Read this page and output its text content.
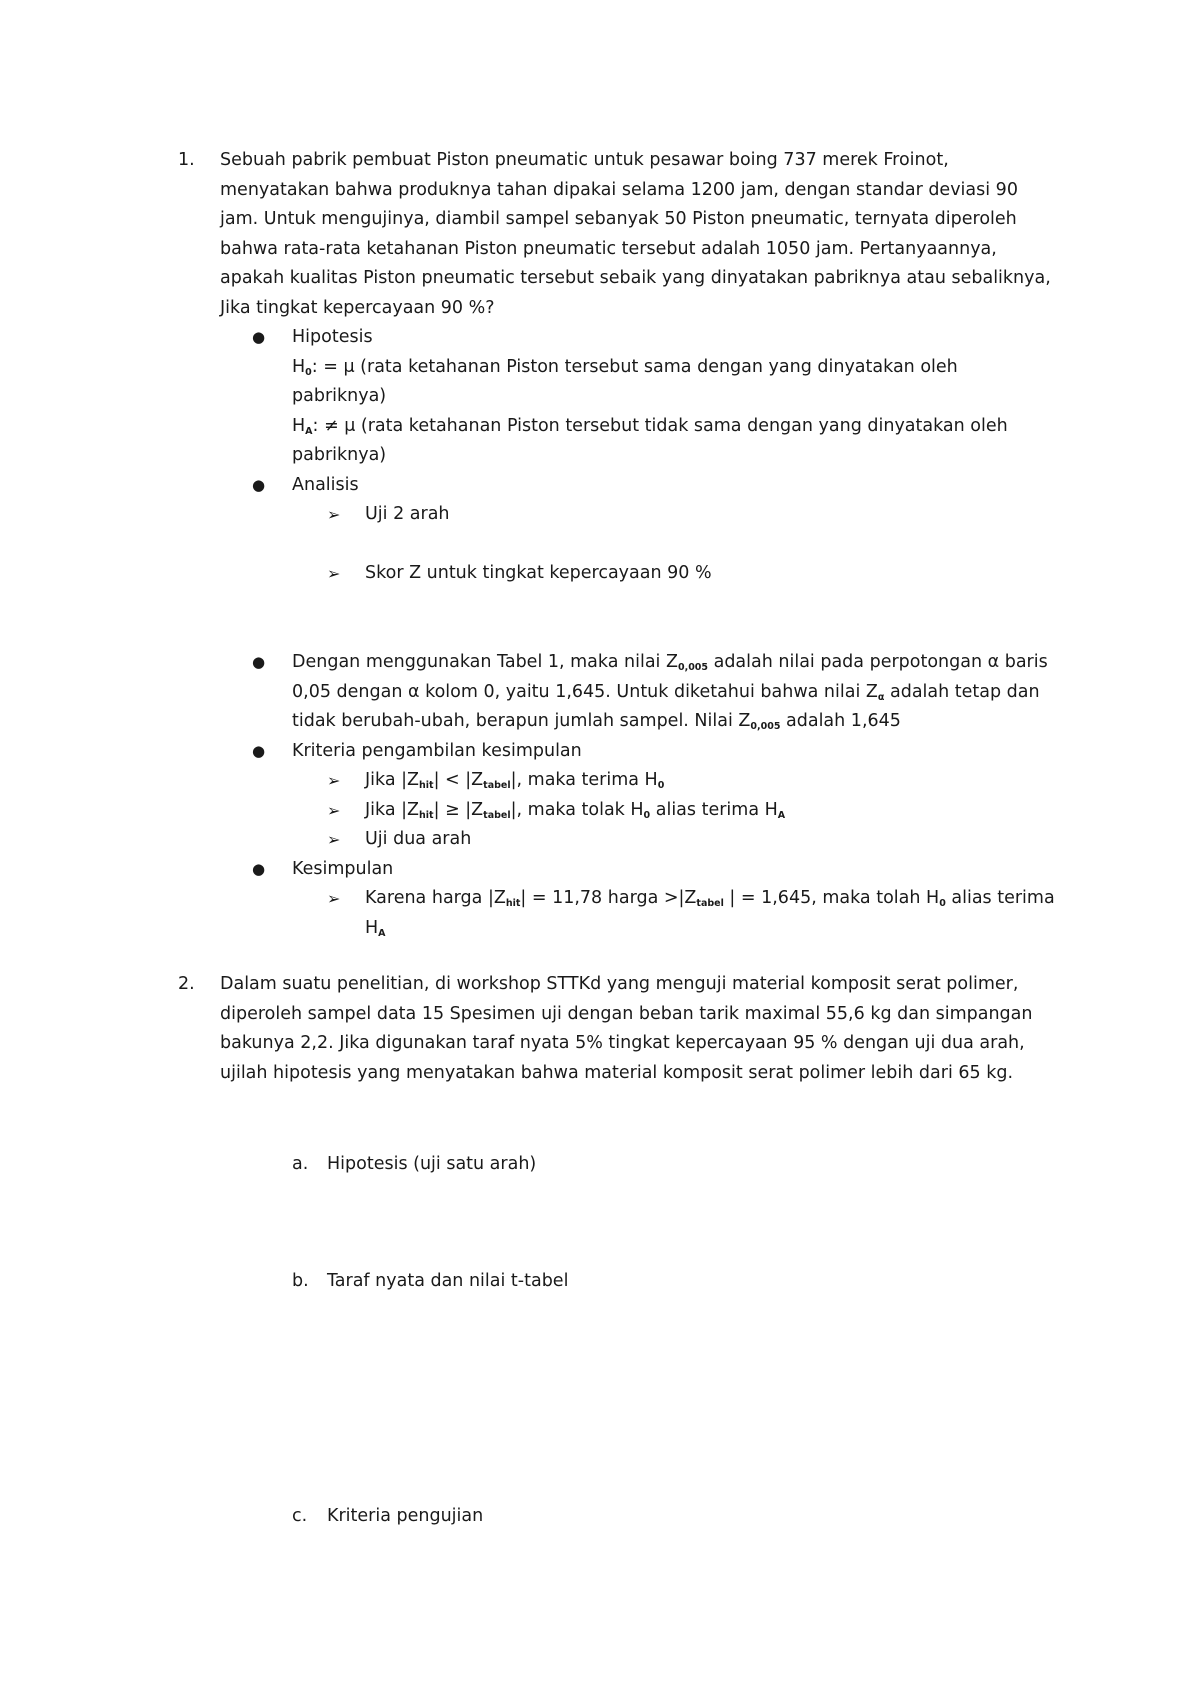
1.	Sebuah pabrik pembuat Piston pneumatic untuk pesawar boing 737 merek Froinot,
menyatakan bahwa produknya tahan dipakai selama 1200 jam, dengan standar deviasi 90
jam. Untuk mengujinya, diambil sampel sebanyak 50 Piston pneumatic, ternyata diperoleh
bahwa rata-rata ketahanan Piston pneumatic tersebut adalah 1050 jam. Pertanyaannya,
apakah kualitas Piston pneumatic tersebut sebaik yang dinyatakan pabriknya atau sebaliknya,
Jika tingkat kepercayaan 90 %?
● Hipotesis
$H_0$: = μ (rata ketahanan Piston tersebut sama dengan yang dinyatakan oleh
pabriknya)
$H_A$: ≠ μ (rata ketahanan Piston tersebut tidak sama dengan yang dinyatakan oleh
pabriknya)
● Analisis
➢ Uji 2 arah
➢ Skor Z untuk tingkat kepercayaan 90 %
● Dengan menggunakan Tabel 1, maka nilai $Z_{0,005}$ adalah nilai pada perpotongan α baris
0,05 dengan α kolom 0, yaitu 1,645. Untuk diketahui bahwa nilai $Z_\alpha$ adalah tetap dan
tidak berubah-ubah, berapun jumlah sampel. Nilai $Z_{0,005}$ adalah 1,645
● Kriteria pengambilan kesimpulan
➢ Jika $|Z_{hit}| < |Z_{tabel}|$, maka terima $H_0$
➢ Jika $|Z_{hit}| \ge |Z_{tabel}|$, maka tolak $H_0$ alias terima $H_A$
➢ Uji dua arah
● Kesimpulan
➢ Karena harga $|Z_{hit}| = 11,78$ harga $>|Z_{tabel}$ | = 1,645, maka tolah $H_0$ alias terima
$H_A$
2.	Dalam suatu penelitian, di workshop STTKd yang menguji material komposit serat polimer,
diperoleh sampel data 15 Spesimen uji dengan beban tarik maximal 55,6 kg dan simpangan
bakunya 2,2. Jika digunakan taraf nyata 5% tingkat kepercayaan 95 % dengan uji dua arah,
ujilah hipotesis yang menyatakan bahwa material komposit serat polimer lebih dari 65 kg.
a. Hipotesis (uji satu arah)
b. Taraf nyata dan nilai t-tabel
c. Kriteria pengujian
